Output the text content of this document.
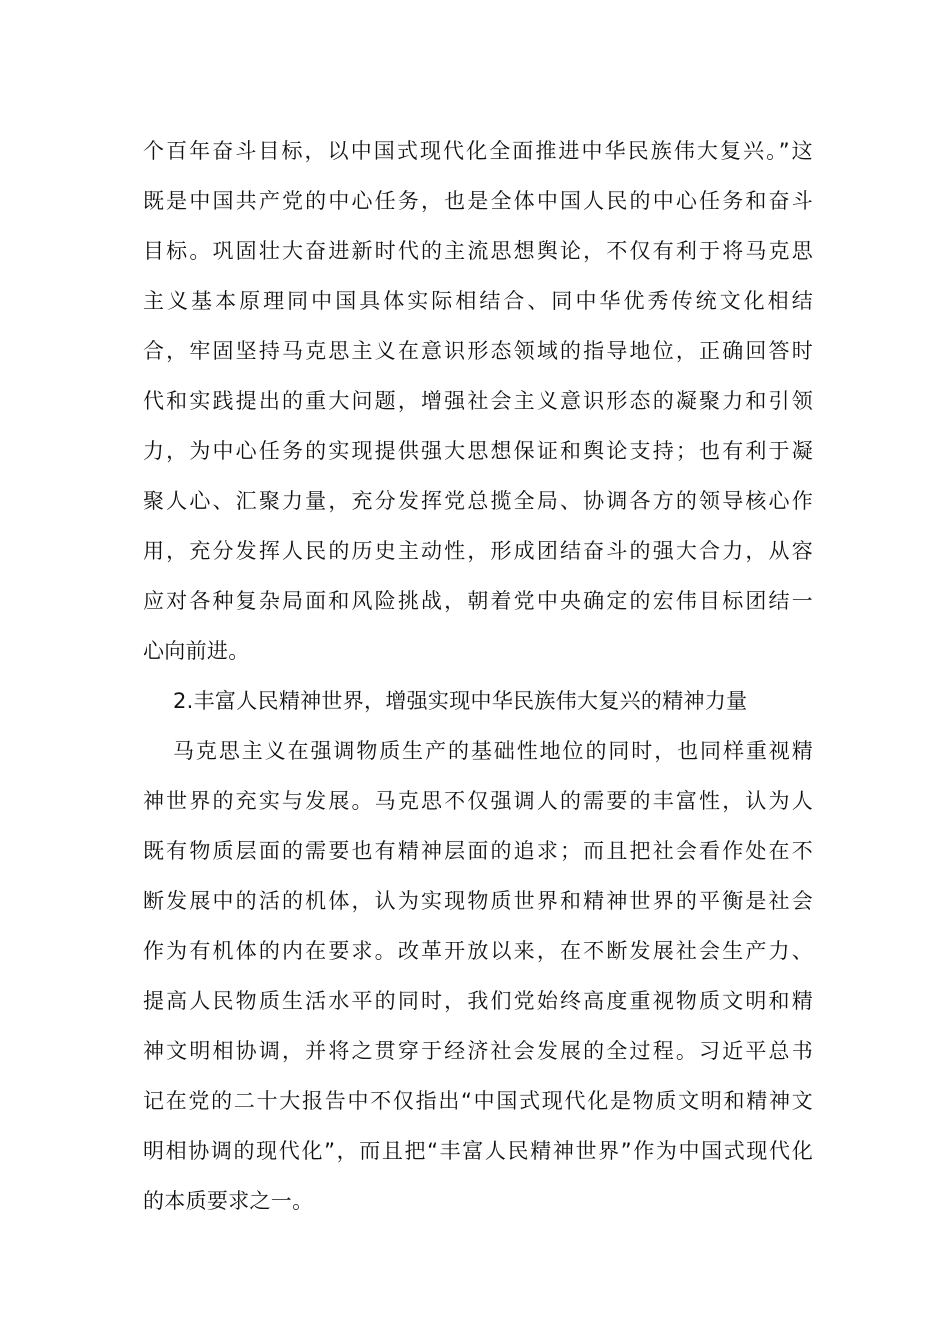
个百年奋斗目标，以中国式现代化全面推进中华民族伟大复兴。”这
既是中国共产党的中心任务，也是全体中国人民的中心任务和奋斗
目标。巩固壮大奋进新时代的主流思想舆论，不仅有利于将马克思
主义基本原理同中国具体实际相结合、同中华优秀传统文化相结
合，牢固坚持马克思主义在意识形态领域的指导地位，正确回答时
代和实践提出的重大问题，增强社会主义意识形态的凝聚力和引领
力，为中心任务的实现提供强大思想保证和舆论支持；也有利于凝
聚人心、汇聚力量，充分发挥党总揽全局、协调各方的领导核心作
用，充分发挥人民的历史主动性，形成团结奋斗的强大合力，从容
应对各种复杂局面和风险挑战，朝着党中央确定的宏伟目标团结一
心向前进。
2.丰富人民精神世界，增强实现中华民族伟大复兴的精神力量
马克思主义在强调物质生产的基础性地位的同时，也同样重视精
神世界的充实与发展。马克思不仅强调人的需要的丰富性，认为人
既有物质层面的需要也有精神层面的追求；而且把社会看作处在不
断发展中的活的机体，认为实现物质世界和精神世界的平衡是社会
作为有机体的内在要求。改革开放以来，在不断发展社会生产力、
提高人民物质生活水平的同时，我们党始终高度重视物质文明和精
神文明相协调，并将之贯穿于经济社会发展的全过程。习近平总书
记在党的二十大报告中不仅指出“中国式现代化是物质文明和精神文
明相协调的现代化”，而且把“丰富人民精神世界”作为中国式现代化
的本质要求之一。
